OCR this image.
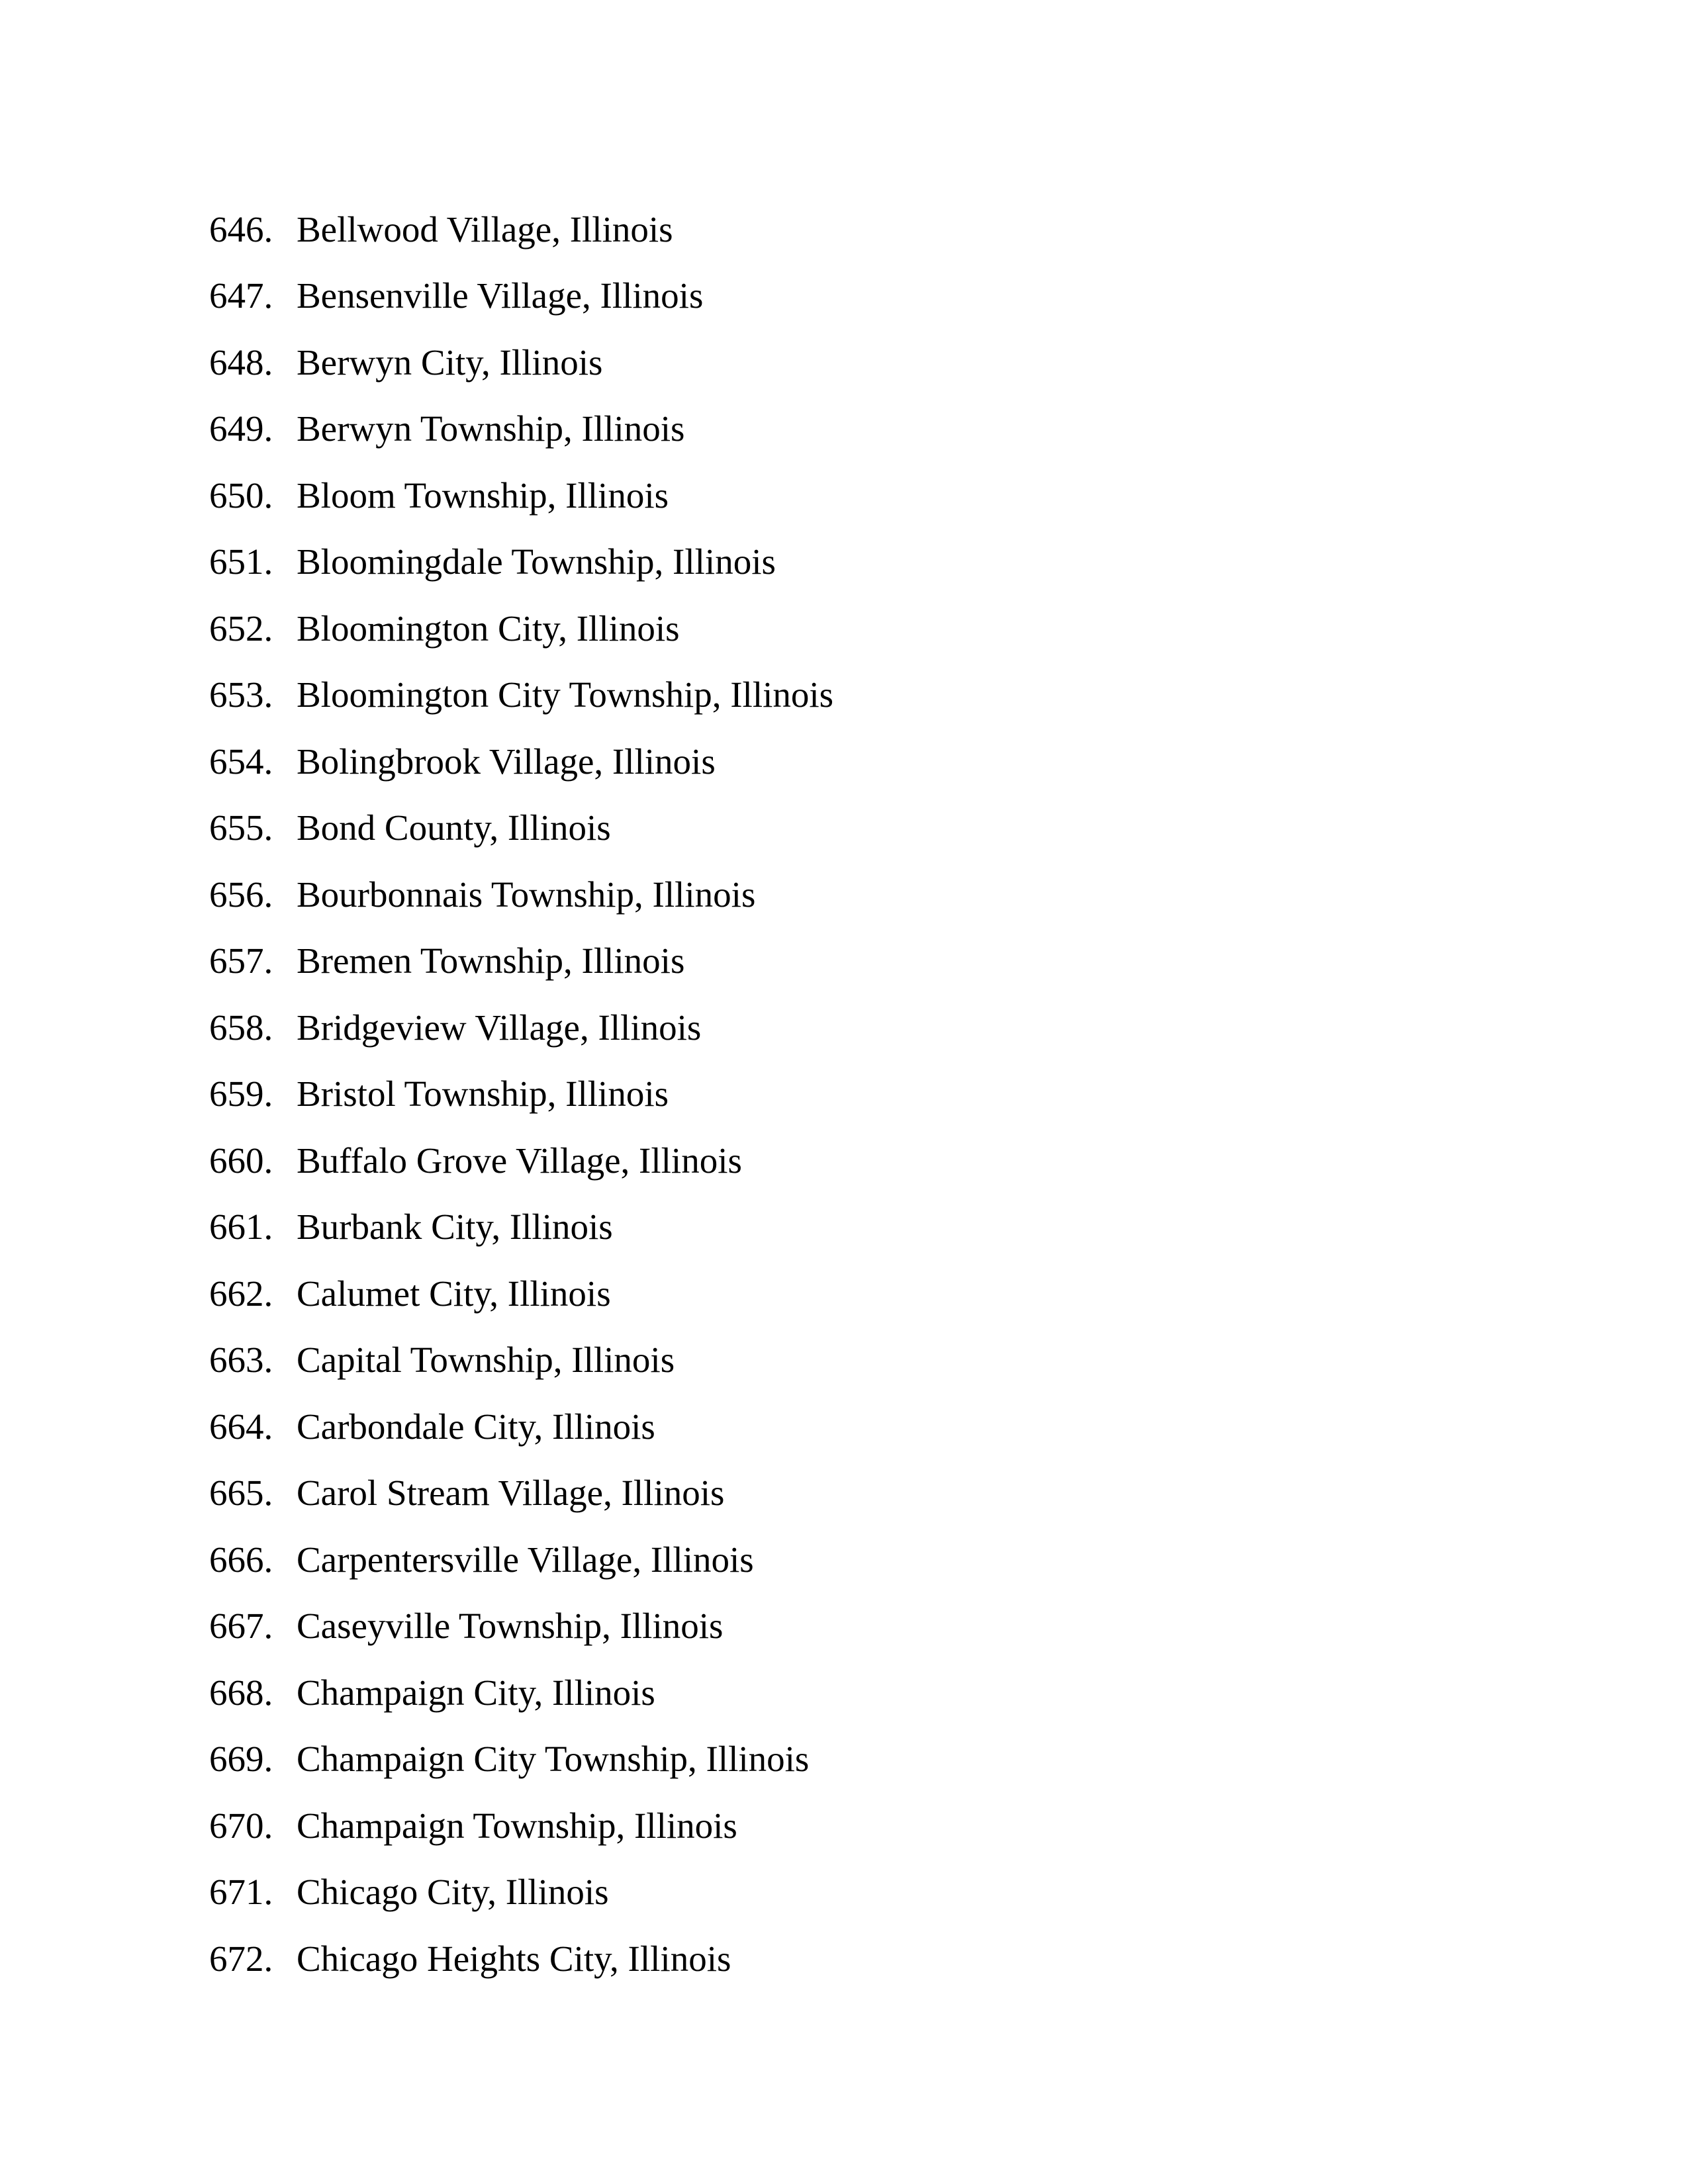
646. Bellwood Village, Illinois
647. Bensenville Village, Illinois
648. Berwyn City, Illinois
649. Berwyn Township, Illinois
650. Bloom Township, Illinois
651. Bloomingdale Township, Illinois
652. Bloomington City, Illinois
653. Bloomington City Township, Illinois
654. Bolingbrook Village, Illinois
655. Bond County, Illinois
656. Bourbonnais Township, Illinois
657. Bremen Township, Illinois
658. Bridgeview Village, Illinois
659. Bristol Township, Illinois
660. Buffalo Grove Village, Illinois
661. Burbank City, Illinois
662. Calumet City, Illinois
663. Capital Township, Illinois
664. Carbondale City, Illinois
665. Carol Stream Village, Illinois
666. Carpentersville Village, Illinois
667. Caseyville Township, Illinois
668. Champaign City, Illinois
669. Champaign City Township, Illinois
670. Champaign Township, Illinois
671. Chicago City, Illinois
672. Chicago Heights City, Illinois
